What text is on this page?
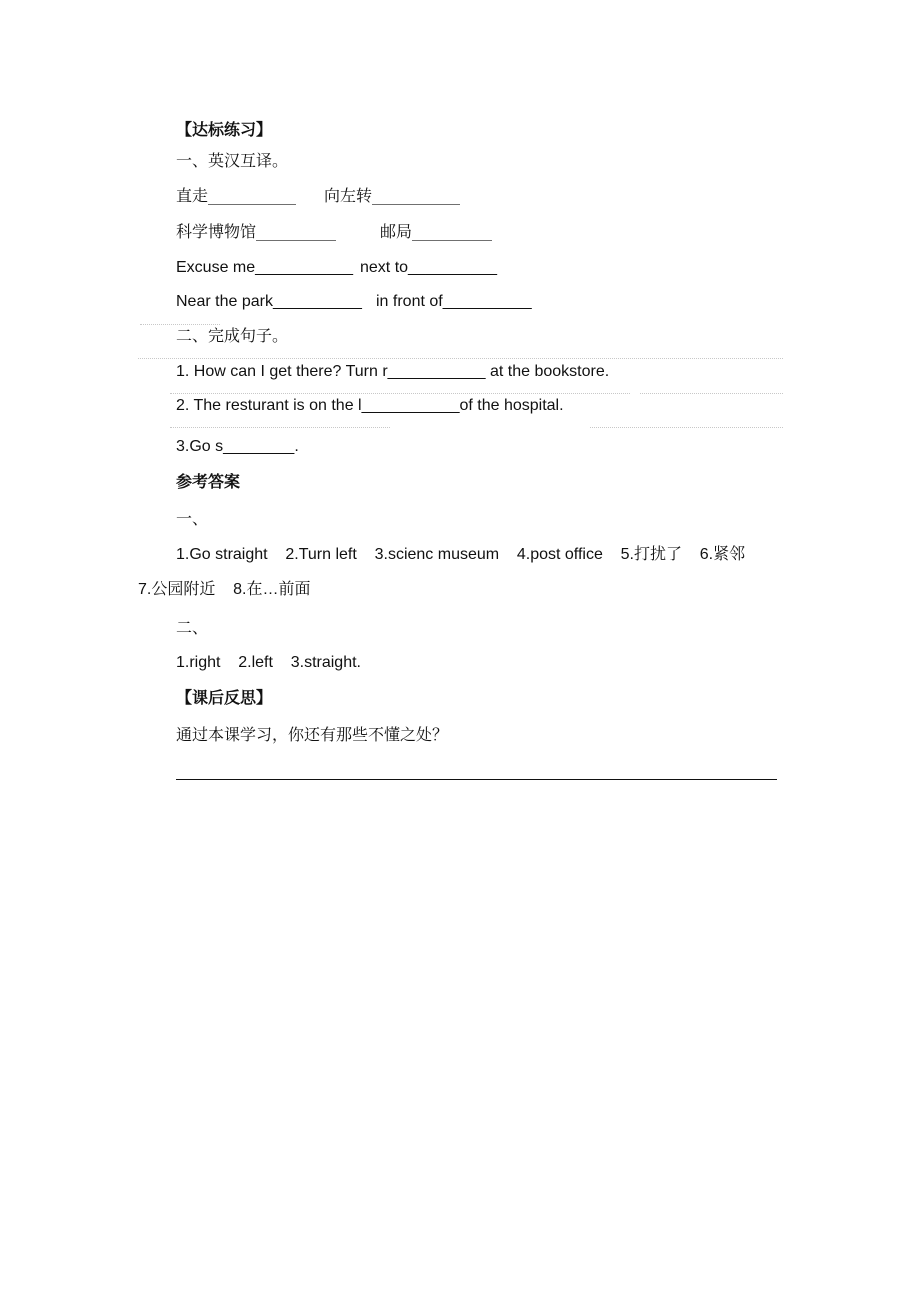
【达标练习】
一、英汉互译。
直走___________ 向左转___________
科学博物馆__________	邮局__________
Excuse me___________ next to__________
Near the park__________ in front of__________
二、完成句子。
1. How can I get there? Turn r___________ at the bookstore.
2. The resturant is on the l___________of the hospital.
3.Go s________.
参考答案
一、
1.Go straight    2.Turn left    3.scienc museum    4.post office    5.打扰了    6.紧邻
7.公园附近    8.在…前面
二、
1.right    2.left    3.straight.
【课后反思】
通过本课学习，你还有那些不懂之处？
